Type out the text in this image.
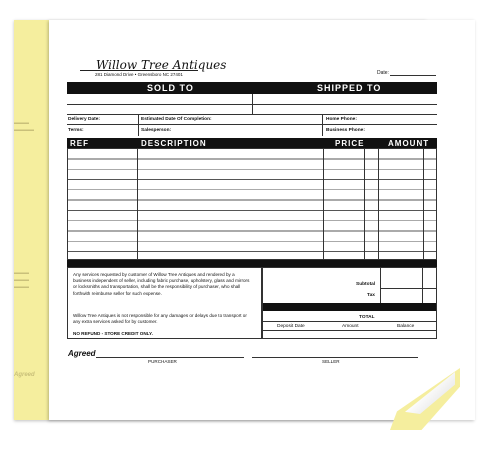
▬▬▬
▬▬▬▬
▬▬▬
▬▬▬
▬▬▬
Agreed
Willow Tree Antiques
281 Diamond Drive • Greensboro NC 27401	Date:
SOLD TO	SHIPPED TO
Delivery Date:	Estimated Date Of Completion:	Home Phone:
Terms:	Salesperson:	Business Phone:
REF	DESCRIPTION	PRICE	AMOUNT
Any services requested by customer of Willow Tree Antiques and rendered by a business independent of seller, including fabric purchase, upholstery, glass and mirrors or locksmiths and transportation, shall be the responsibility of purchaser, who shall forthwith reimburse seller for such expense.
Willow Tree Antiques is not responsible for any damages or delays due to transport or any extra services asked for by customer.
NO REFUND - STORE CREDIT ONLY.
Subtotal
Tax
TOTAL
Deposit Date	Amount	Balance
Agreed
PURCHASER	SELLER
